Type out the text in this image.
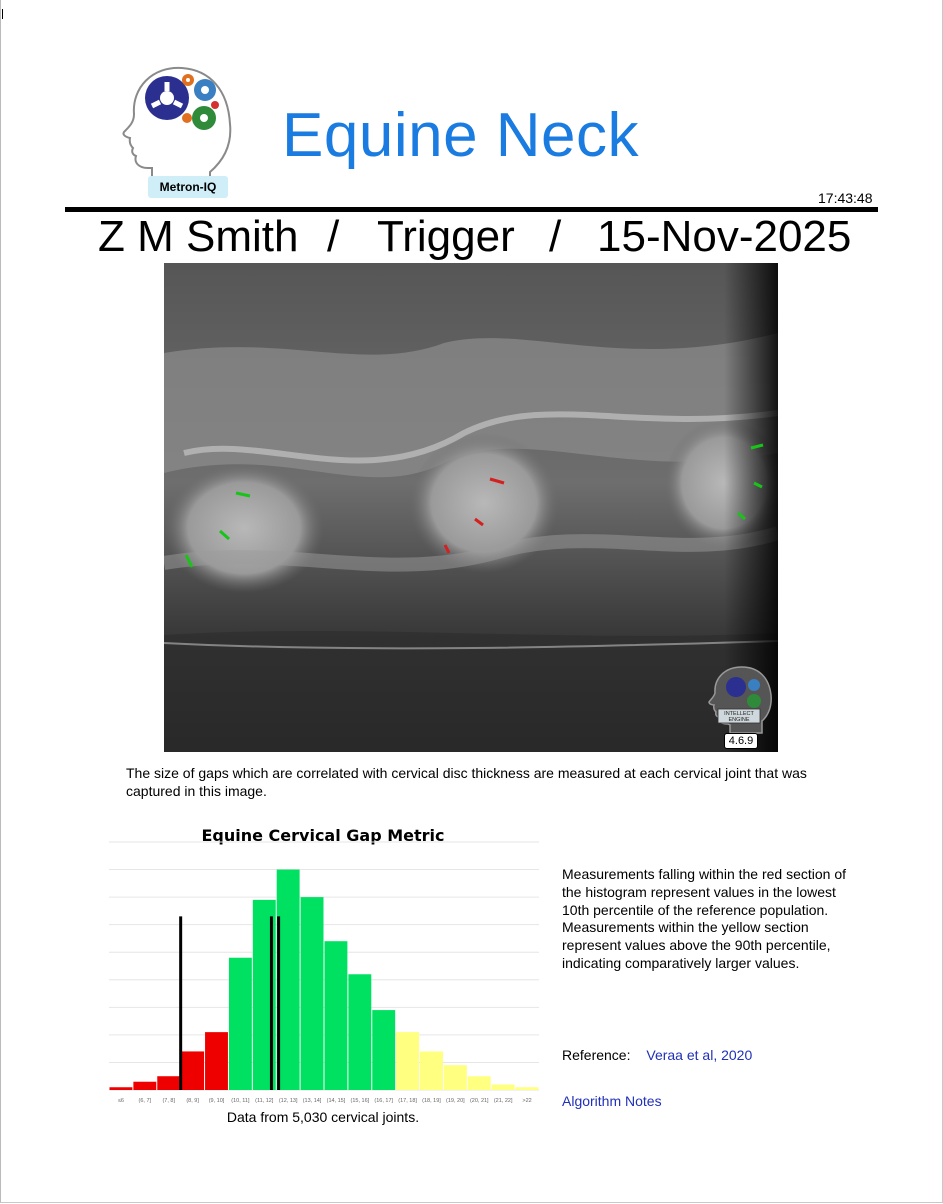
Metron-IQ
Equine Neck
17:43:48
Z M Smith / Trigger / 15-Nov-2025
INTELLECT
ENGINE
4.6.9
The size of gaps which are correlated with cervical disc thickness are measured at each cervical joint that was captured in this image.
Equine Cervical Gap Metric
≤6	(6, 7] (7, 8] (8, 9] (9, 10] (10, 11] (11, 12] (12, 13] (13, 14] (14, 15] (15, 16] (16, 17] (17, 18] (18, 19] (19, 20] (20, 21] (21, 22] >22
Data from 5,030 cervical joints.
Measurements falling within the red section of the histogram represent values in the lowest 10th percentile of the reference population. Measurements within the yellow section represent values above the 90th percentile, indicating comparatively larger values.
Reference: Veraa et al, 2020
Algorithm Notes
